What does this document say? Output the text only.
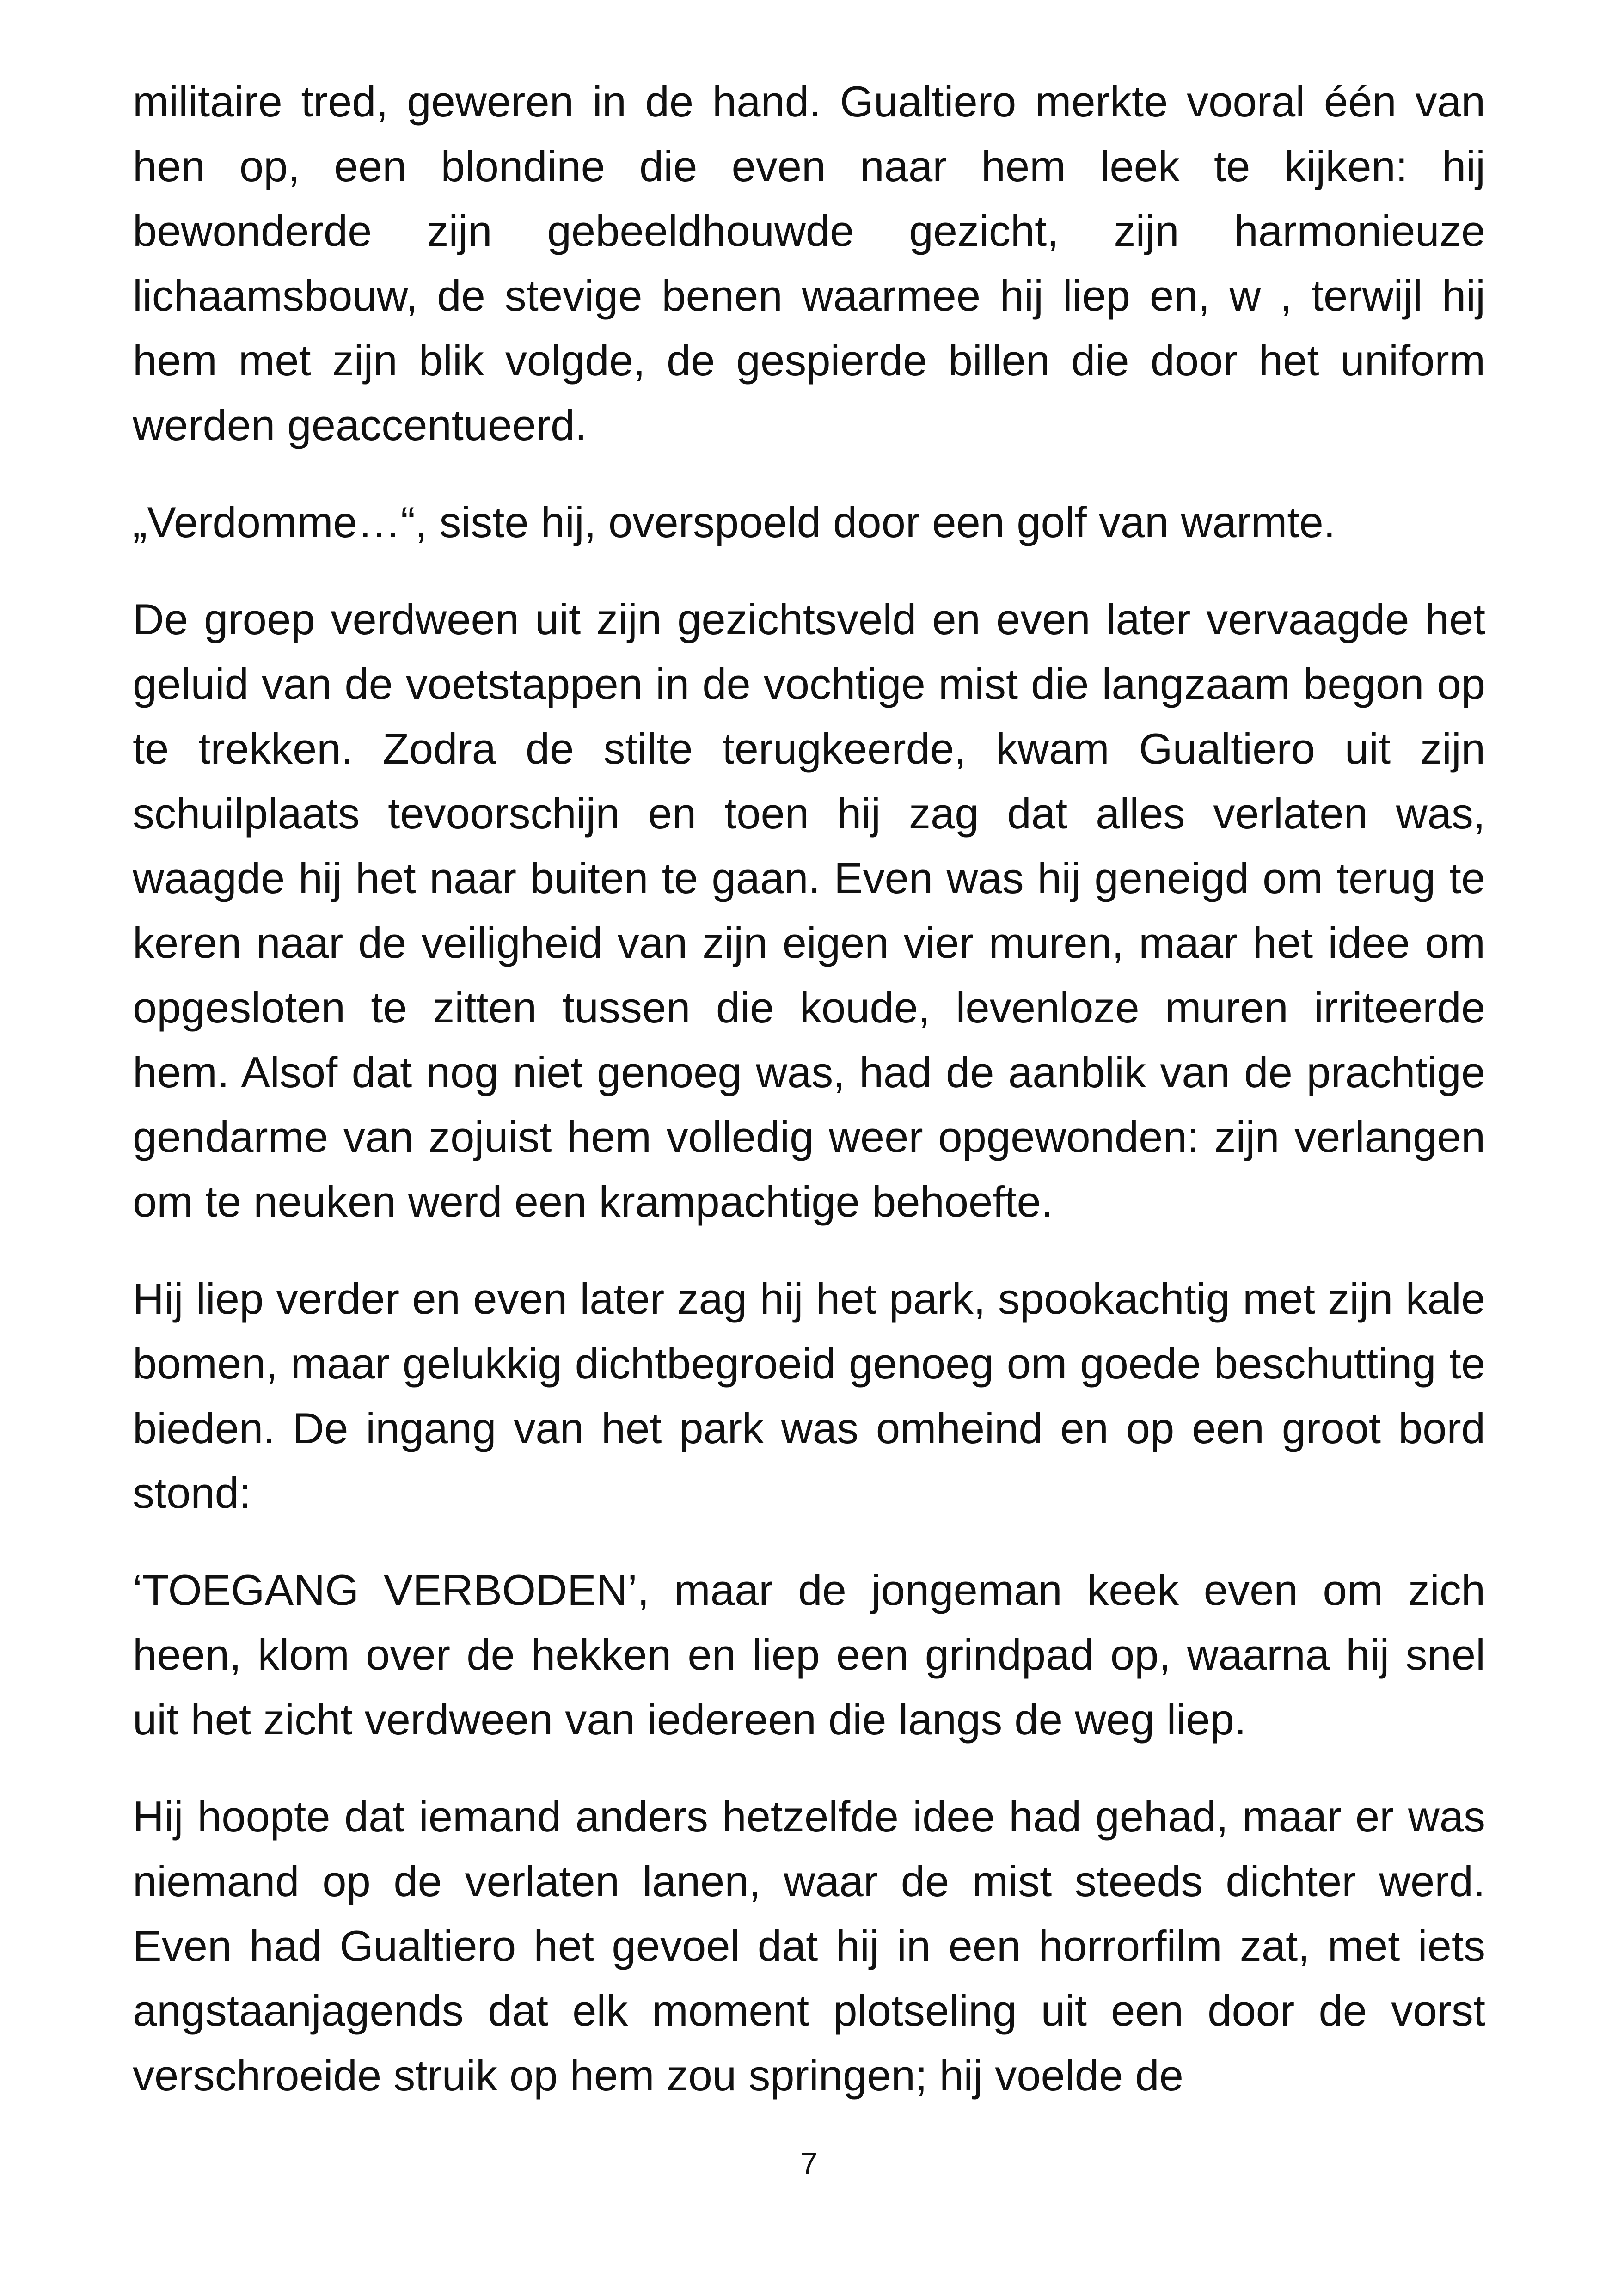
militaire tred, geweren in de hand. Gualtiero merkte vooral één van hen op, een blondine die even naar hem leek te kijken: hij bewonderde zijn gebeeldhouwde gezicht, zijn harmonieuze lichaamsbouw, de stevige benen waarmee hij liep en, w , terwijl hij hem met zijn blik volgde, de gespierde billen die door het uniform werden geaccentueerd.

„Verdomme…“, siste hij, overspoeld door een golf van warmte.

De groep verdween uit zijn gezichtsveld en even later vervaagde het geluid van de voetstappen in de vochtige mist die langzaam begon op te trekken. Zodra de stilte terugkeerde, kwam Gualtiero uit zijn schuilplaats tevoorschijn en toen hij zag dat alles verlaten was, waagde hij het naar buiten te gaan. Even was hij geneigd om terug te keren naar de veiligheid van zijn eigen vier muren, maar het idee om opgesloten te zitten tussen die koude, levenloze muren irriteerde hem. Alsof dat nog niet genoeg was, had de aanblik van de prachtige gendarme van zojuist hem volledig weer opgewonden: zijn verlangen om te neuken werd een krampachtige behoefte.

Hij liep verder en even later zag hij het park, spookachtig met zijn kale bomen, maar gelukkig dichtbegroeid genoeg om goede beschutting te bieden. De ingang van het park was omheind en op een groot bord stond:

‘TOEGANG VERBODEN’, maar de jongeman keek even om zich heen, klom over de hekken en liep een grindpad op, waarna hij snel uit het zicht verdween van iedereen die langs de weg liep.

Hij hoopte dat iemand anders hetzelfde idee had gehad, maar er was niemand op de verlaten lanen, waar de mist steeds dichter werd. Even had Gualtiero het gevoel dat hij in een horrorfilm zat, met iets angstaanjagends dat elk moment plotseling uit een door de vorst verschroeide struik op hem zou springen; hij voelde de

7
